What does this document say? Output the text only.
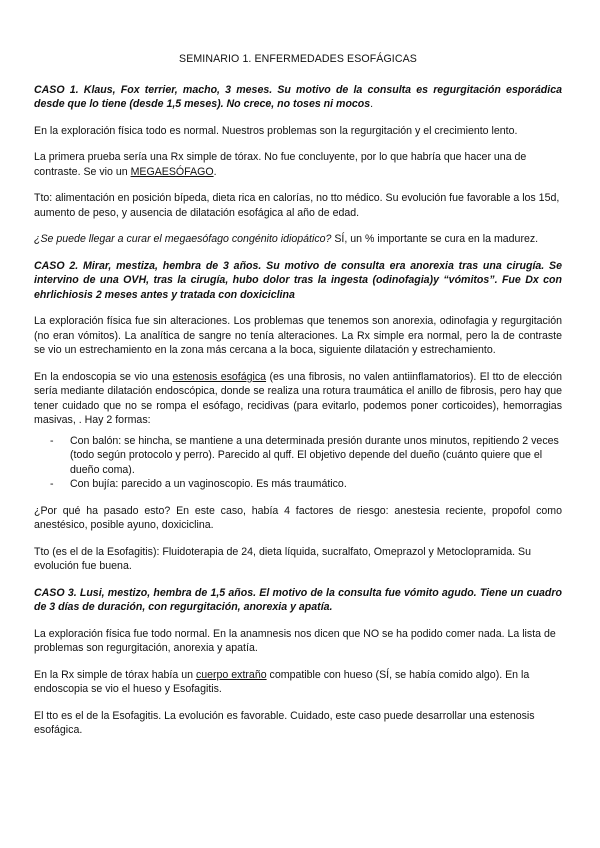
SEMINARIO 1. ENFERMEDADES ESOFÁGICAS

CASO 1. Klaus, Fox terrier, macho, 3 meses. Su motivo de la consulta es regurgitación esporádica desde que lo tiene (desde 1,5 meses). No crece, no toses ni mocos.

En la exploración física todo es normal. Nuestros problemas son la regurgitación y el crecimiento lento.

La primera prueba sería una Rx simple de tórax. No fue concluyente, por lo que habría que hacer una de contraste. Se vio un MEGAESÓFAGO.

Tto: alimentación en posición bípeda, dieta rica en calorías, no tto médico. Su evolución fue favorable a los 15d, aumento de peso, y ausencia de dilatación esofágica al año de edad.

¿Se puede llegar a curar el megaesófago congénito idiopático? SÍ, un % importante se cura en la madurez.

CASO 2. Mirar, mestiza, hembra de 3 años. Su motivo de consulta era anorexia tras una cirugía. Se intervino de una OVH, tras la cirugía, hubo dolor tras la ingesta (odinofagia)y “vómitos”. Fue Dx con ehrlichiosis 2 meses antes y tratada con doxiciclina

La exploración física fue sin alteraciones. Los problemas que tenemos son anorexia, odinofagia y regurgitación (no eran vómitos). La analítica de sangre no tenía alteraciones. La Rx simple era normal, pero la de contraste se vio un estrechamiento en la zona más cercana a la boca, siguiente dilatación y estrechamiento.

En la endoscopia se vio una estenosis esofágica (es una fibrosis, no valen antiinflamatorios). El tto de elección sería mediante dilatación endoscópica, donde se realiza una rotura traumática el anillo de fibrosis, pero hay que tener cuidado que no se rompa el esófago, recidivas (para evitarlo, podemos poner corticoides), hemorragias masivas, . Hay 2 formas:

- Con balón: se hincha, se mantiene a una determinada presión durante unos minutos, repitiendo 2 veces (todo según protocolo y perro). Parecido al quff. El objetivo depende del dueño (cuánto quiere que el dueño coma).
- Con bujía: parecido a un vaginoscopio. Es más traumático.

¿Por qué ha pasado esto? En este caso, había 4 factores de riesgo: anestesia reciente, propofol como anestésico, posible ayuno, doxiciclina.

Tto (es el de la Esofagitis): Fluidoterapia de 24, dieta líquida, sucralfato, Omeprazol y Metoclopramida. Su evolución fue buena.

CASO 3. Lusi, mestizo, hembra de 1,5 años. El motivo de la consulta fue vómito agudo. Tiene un cuadro de 3 días de duración, con regurgitación, anorexia y apatía.

La exploración física fue todo normal. En la anamnesis nos dicen que NO se ha podido comer nada. La lista de problemas son regurgitación, anorexia y apatía.

En la Rx simple de tórax había un cuerpo extraño compatible con hueso (SÍ, se había comido algo). En la endoscopia se vio el hueso y Esofagitis.

El tto es el de la Esofagitis. La evolución es favorable. Cuidado, este caso puede desarrollar una estenosis esofágica.
